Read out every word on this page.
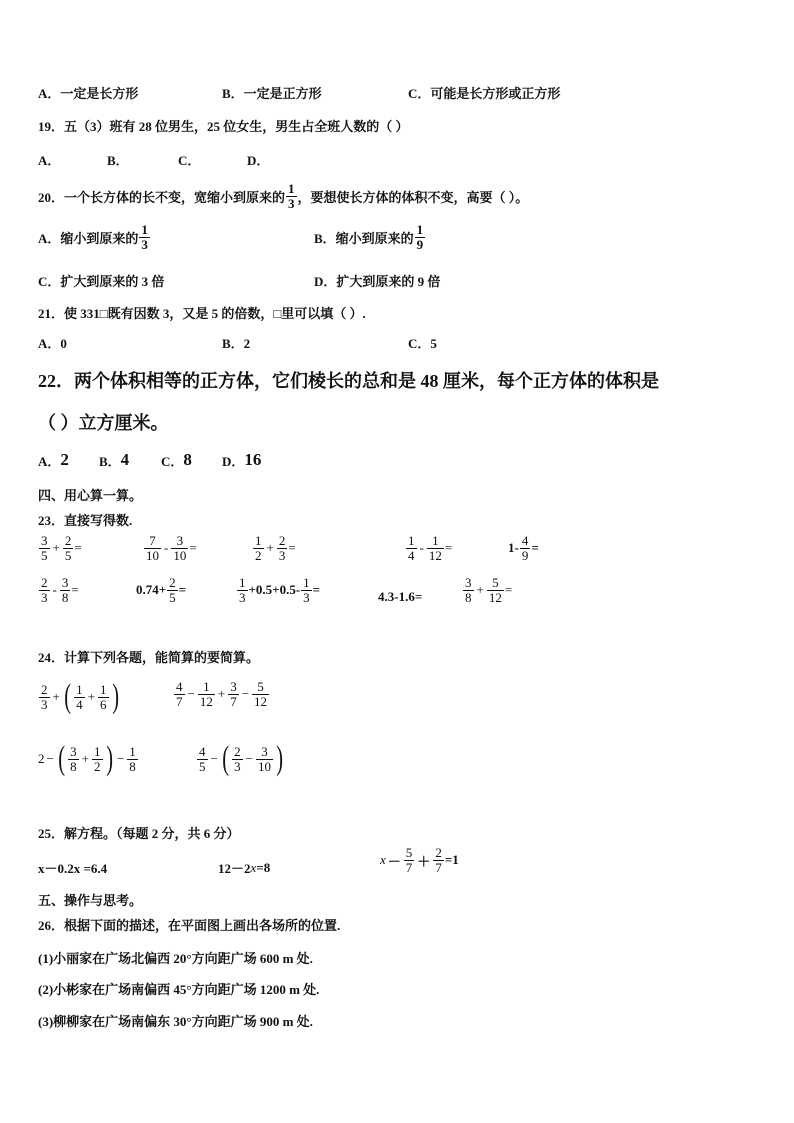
A．一定是长方形	B．一定是正方形	C．可能是长方形或正方形
19．五（3）班有 28 位男生，25 位女生，男生占全班人数的（ ）
A．	B．	C．	D．
20．一个长方体的长不变，宽缩小到原来的 $\frac{1}{3}$ ，要想使长方体的体积不变，高要（ ）。
A．缩小到原来的 $\frac{1}{3}$	B．缩小到原来的 $\frac{1}{9}$
C．扩大到原来的 3 倍	D．扩大到原来的 9 倍
21．使 331□既有因数 3，又是 5 的倍数，□里可以填（ ）.
A．0	B．2	C．5
22．两个体积相等的正方体，它们棱长的总和是 48 厘米，每个正方体的体积是
（ ）立方厘米。
A． 2 B． 4 C． 8 D． 16
四、用心算一算。
23．直接写得数.
$\frac{3}{5} + \frac{2}{5}$ =	$\frac{7}{10} - \frac{3}{10}$ =	$\frac{1}{2} + \frac{2}{3}$ =	$\frac{1}{4} - \frac{1}{12}$ =	$1- \frac{4}{9}$ =
$\frac{2}{3} - \frac{3}{8}$ =	$0.74+ \frac{2}{5}$ =	$\frac{1}{3} +0.5+0.5- \frac{1}{3}$ =	4.3-1.6=	$\frac{3}{8} + \frac{5}{12}$ =
24．计算下列各题，能简算的要简算。
$\frac{2}{3}$ + ( $\frac{1}{4} + \frac{1}{6}$ )	$\frac{4}{7} - \frac{1}{12} + \frac{3}{7} - \frac{5}{12}$
2 − ( $\frac{3}{8} + \frac{1}{2}$ ) − $\frac{1}{8}$	$\frac{4}{5}$ − ( $\frac{2}{3} - \frac{3}{10}$ )
25．解方程。（每题 2 分，共 6 分）
x－0.2x =6.4	12－2 x =8	$x - \frac{5}{7} + \frac{2}{7} =1$
五、操作与思考。
26．根据下面的描述，在平面图上画出各场所的位置.
(1)小丽家在广场北偏西 20°方向距广场 600 m 处.
(2)小彬家在广场南偏西 45°方向距广场 1200 m 处.
(3)柳柳家在广场南偏东 30°方向距广场 900 m 处.
